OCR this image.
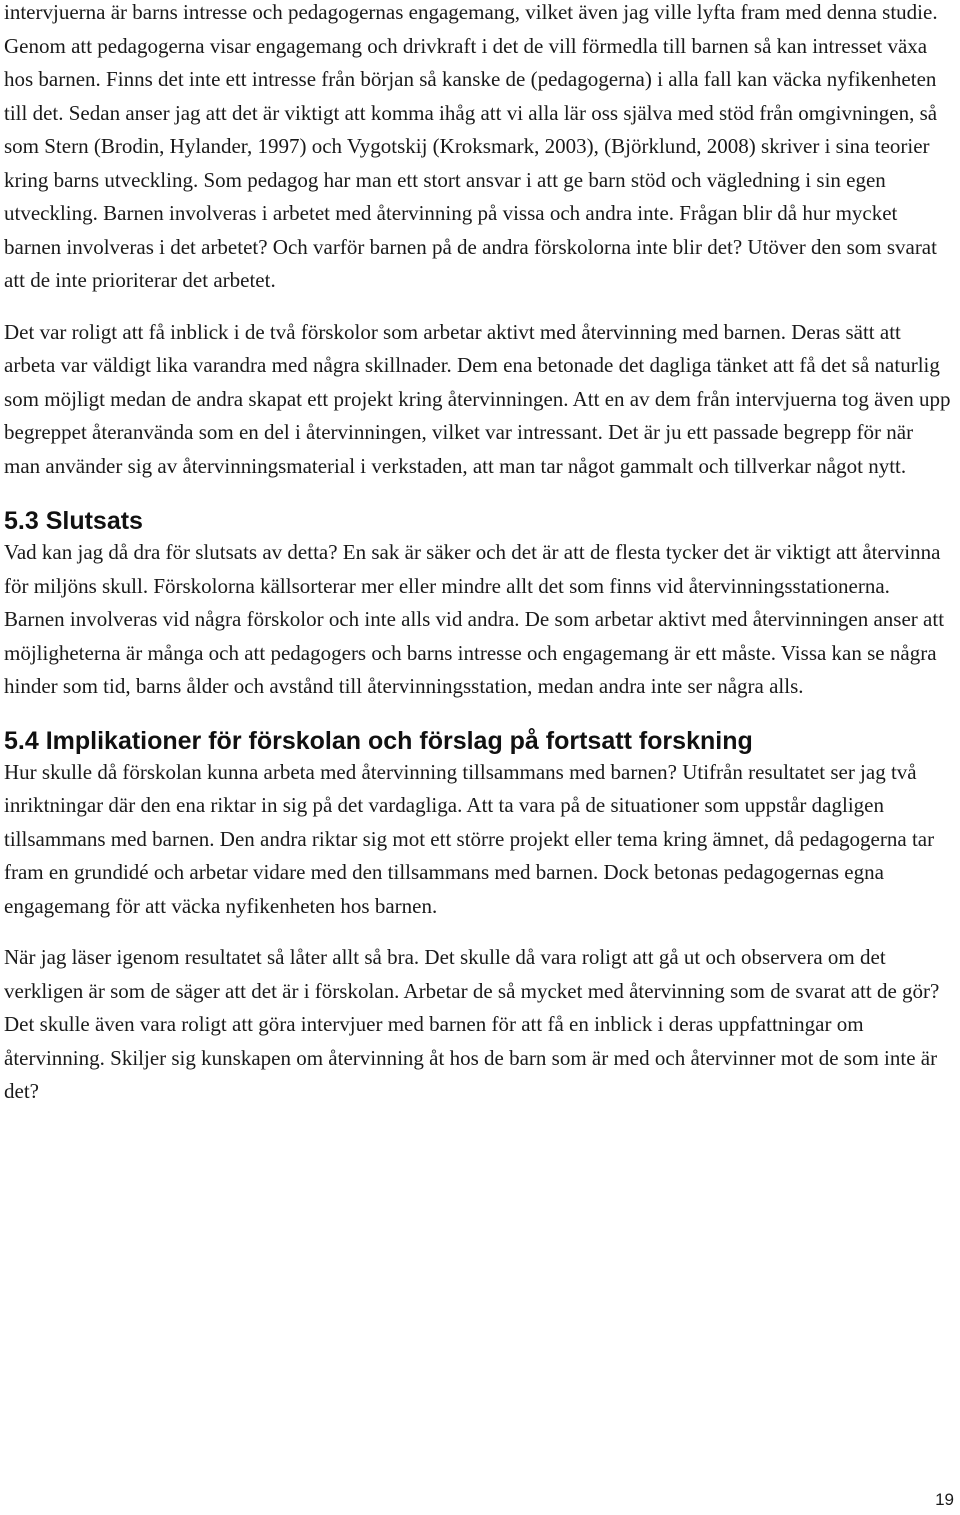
intervjuerna är barns intresse och pedagogernas engagemang, vilket även jag ville lyfta fram med denna studie. Genom att pedagogerna visar engagemang och drivkraft i det de vill förmedla till barnen så kan intresset växa hos barnen. Finns det inte ett intresse från början så kanske de (pedagogerna) i alla fall kan väcka nyfikenheten till det. Sedan anser jag att det är viktigt att komma ihåg att vi alla lär oss själva med stöd från omgivningen, så som Stern (Brodin, Hylander, 1997) och Vygotskij (Kroksmark, 2003), (Björklund, 2008) skriver i sina teorier kring barns utveckling. Som pedagog har man ett stort ansvar i att ge barn stöd och vägledning i sin egen utveckling. Barnen involveras i arbetet med återvinning på vissa och andra inte. Frågan blir då hur mycket barnen involveras i det arbetet? Och varför barnen på de andra förskolorna inte blir det? Utöver den som svarat att de inte prioriterar det arbetet.

Det var roligt att få inblick i de två förskolor som arbetar aktivt med återvinning med barnen. Deras sätt att arbeta var väldigt lika varandra med några skillnader. Dem ena betonade det dagliga tänket att få det så naturlig som möjligt medan de andra skapat ett projekt kring återvinningen. Att en av dem från intervjuerna tog även upp begreppet återanvända som en del i återvinningen, vilket var intressant. Det är ju ett passade begrepp för när man använder sig av återvinningsmaterial i verkstaden, att man tar något gammalt och tillverkar något nytt.

5.3 Slutsats

Vad kan jag då dra för slutsats av detta? En sak är säker och det är att de flesta tycker det är viktigt att återvinna för miljöns skull. Förskolorna källsorterar mer eller mindre allt det som finns vid återvinningsstationerna. Barnen involveras vid några förskolor och inte alls vid andra. De som arbetar aktivt med återvinningen anser att möjligheterna är många och att pedagogers och barns intresse och engagemang är ett måste. Vissa kan se några hinder som tid, barns ålder och avstånd till återvinningsstation, medan andra inte ser några alls.

5.4 Implikationer för förskolan och förslag på fortsatt forskning

Hur skulle då förskolan kunna arbeta med återvinning tillsammans med barnen? Utifrån resultatet ser jag två inriktningar där den ena riktar in sig på det vardagliga. Att ta vara på de situationer som uppstår dagligen tillsammans med barnen. Den andra riktar sig mot ett större projekt eller tema kring ämnet, då pedagogerna tar fram en grundidé och arbetar vidare med den tillsammans med barnen. Dock betonas pedagogernas egna engagemang för att väcka nyfikenheten hos barnen.

När jag läser igenom resultatet så låter allt så bra. Det skulle då vara roligt att gå ut och observera om det verkligen är som de säger att det är i förskolan. Arbetar de så mycket med återvinning som de svarat att de gör? Det skulle även vara roligt att göra intervjuer med barnen för att få en inblick i deras uppfattningar om återvinning. Skiljer sig kunskapen om återvinning åt hos de barn som är med och återvinner mot de som inte är det?

19
